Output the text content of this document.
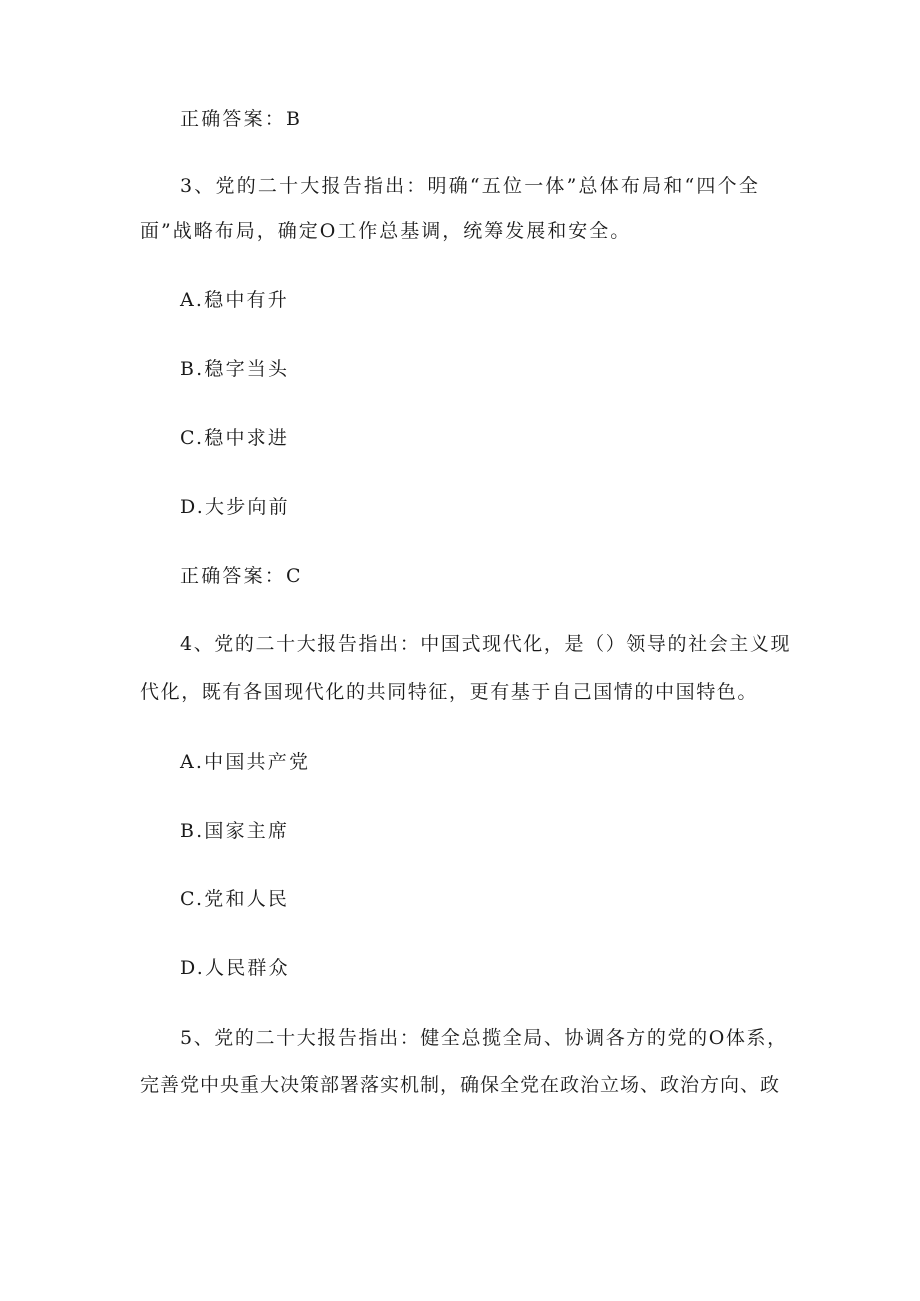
正确答案：B
3、党的二十大报告指出：明确“五位一体”总体布局和“四个全
面”战略布局，确定O工作总基调，统筹发展和安全。
A.稳中有升
B.稳字当头
C.稳中求进
D.大步向前
正确答案：C
4、党的二十大报告指出：中国式现代化，是（）领导的社会主义现
代化，既有各国现代化的共同特征，更有基于自己国情的中国特色。
A.中国共产党
B.国家主席
C.党和人民
D.人民群众
5、党的二十大报告指出：健全总揽全局、协调各方的党的O体系，
完善党中央重大决策部署落实机制，确保全党在政治立场、政治方向、政
